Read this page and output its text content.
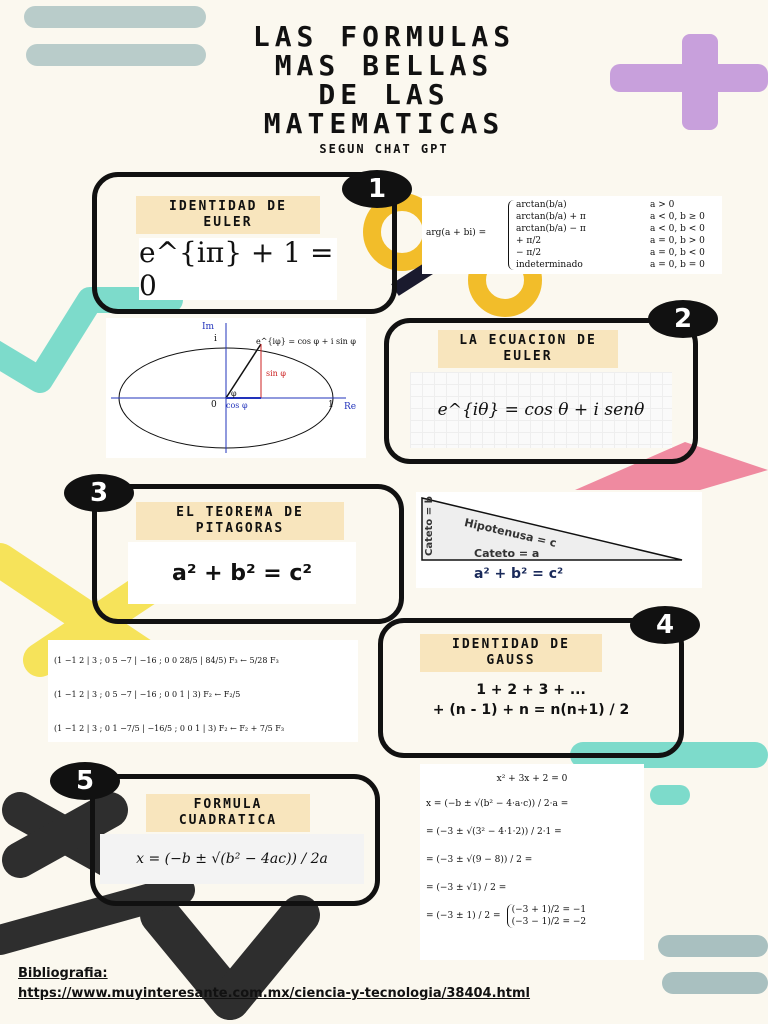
LAS FORMULAS
MAS BELLAS
DE LAS
MATEMATICAS
SEGUN CHAT GPT
1
IDENTIDAD DE EULER
e^{iπ} + 1 = 0
arg(a + bi) =
arctan(b/a)	a > 0
arctan(b/a) + π	a < 0, b ≥ 0
arctan(b/a) − π	a < 0, b < 0
+ π/2	a = 0, b > 0
− π/2	a = 0, b < 0
indeterminado	a = 0, b = 0
Im
i	e^{iφ} = cos φ + i sin φ
sin φ
φ
0 cos φ	1 Re
2
LA ECUACION DE EULER
e^{iθ} = cos θ + i senθ
3
EL TEOREMA DE PITAGORAS
a² + b² = c²
Hipotenusa = c
Cateto = b	Cateto = a
a² + b² = c²
(1 −1 2 | 3 ; 0 5 −7 | −16 ; 0 0 28/5 | 84/5) F₃ ← 5/28 F₃
(1 −1 2 | 3 ; 0 5 −7 | −16 ; 0 0 1 | 3) F₂ ← F₂/5
(1 −1 2 | 3 ; 0 1 −7/5 | −16/5 ; 0 0 1 | 3) F₂ ← F₂ + 7/5 F₃
4
IDENTIDAD DE GAUSS
1 + 2 + 3 + ...
+ (n - 1) + n = n(n+1) / 2
5
FORMULA CUADRATICA
x = (−b ± √(b² − 4ac)) / 2a
x² + 3x + 2 = 0
x = (−b ± √(b² − 4·a·c)) / 2·a =
= (−3 ± √(3² − 4·1·2)) / 2·1 =
= (−3 ± √(9 − 8)) / 2 =
= (−3 ± √1) / 2 =
= (−3 ± 1) / 2 =
(−3 + 1)/2 = −1
(−3 − 1)/2 = −2
Bibliografia:
https://www.muyinteresante.com.mx/ciencia-y-tecnologia/38404.html
